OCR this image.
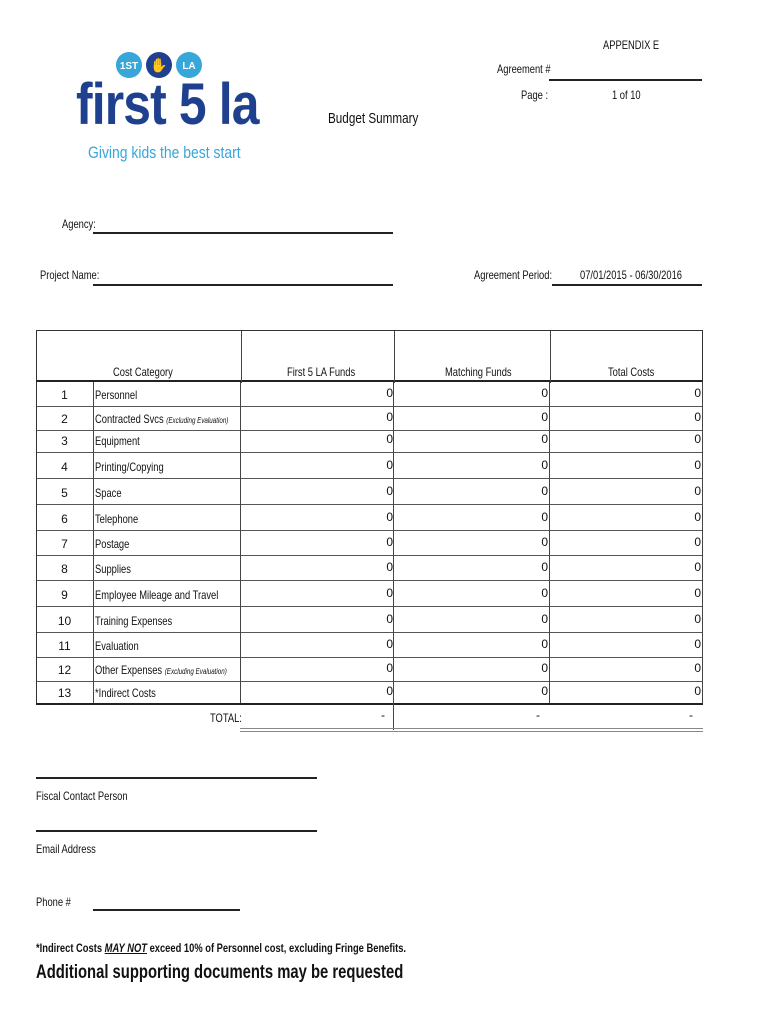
1ST ✋ LA
first 5 la
Giving kids the best start
APPENDIX E
Agreement #
Page :	1 of 10
Budget Summary
Agency:
Project Name:	Agreement Period:	07/01/2015 - 06/30/2016
Cost Category	First 5 LA Funds	Matching Funds	Total Costs
1	Personnel	0	0	0
2	Contracted Svcs (Excluding Evaluation)	0	0	0
3	Equipment	0	0	0
4	Printing/Copying	0	0	0
5	Space	0	0	0
6	Telephone	0	0	0
7	Postage	0	0	0
8	Supplies	0	0	0
9	Employee Mileage and Travel	0	0	0
10	Training Expenses	0	0	0
11	Evaluation	0	0	0
12	Other Expenses (Excluding Evaluation)	0	0	0
13	*Indirect Costs	0	0	0
TOTAL:	-	-	-
Fiscal Contact Person
Email Address
Phone #
*Indirect Costs MAY NOT exceed 10% of Personnel cost, excluding Fringe Benefits.
Additional supporting documents may be requested
